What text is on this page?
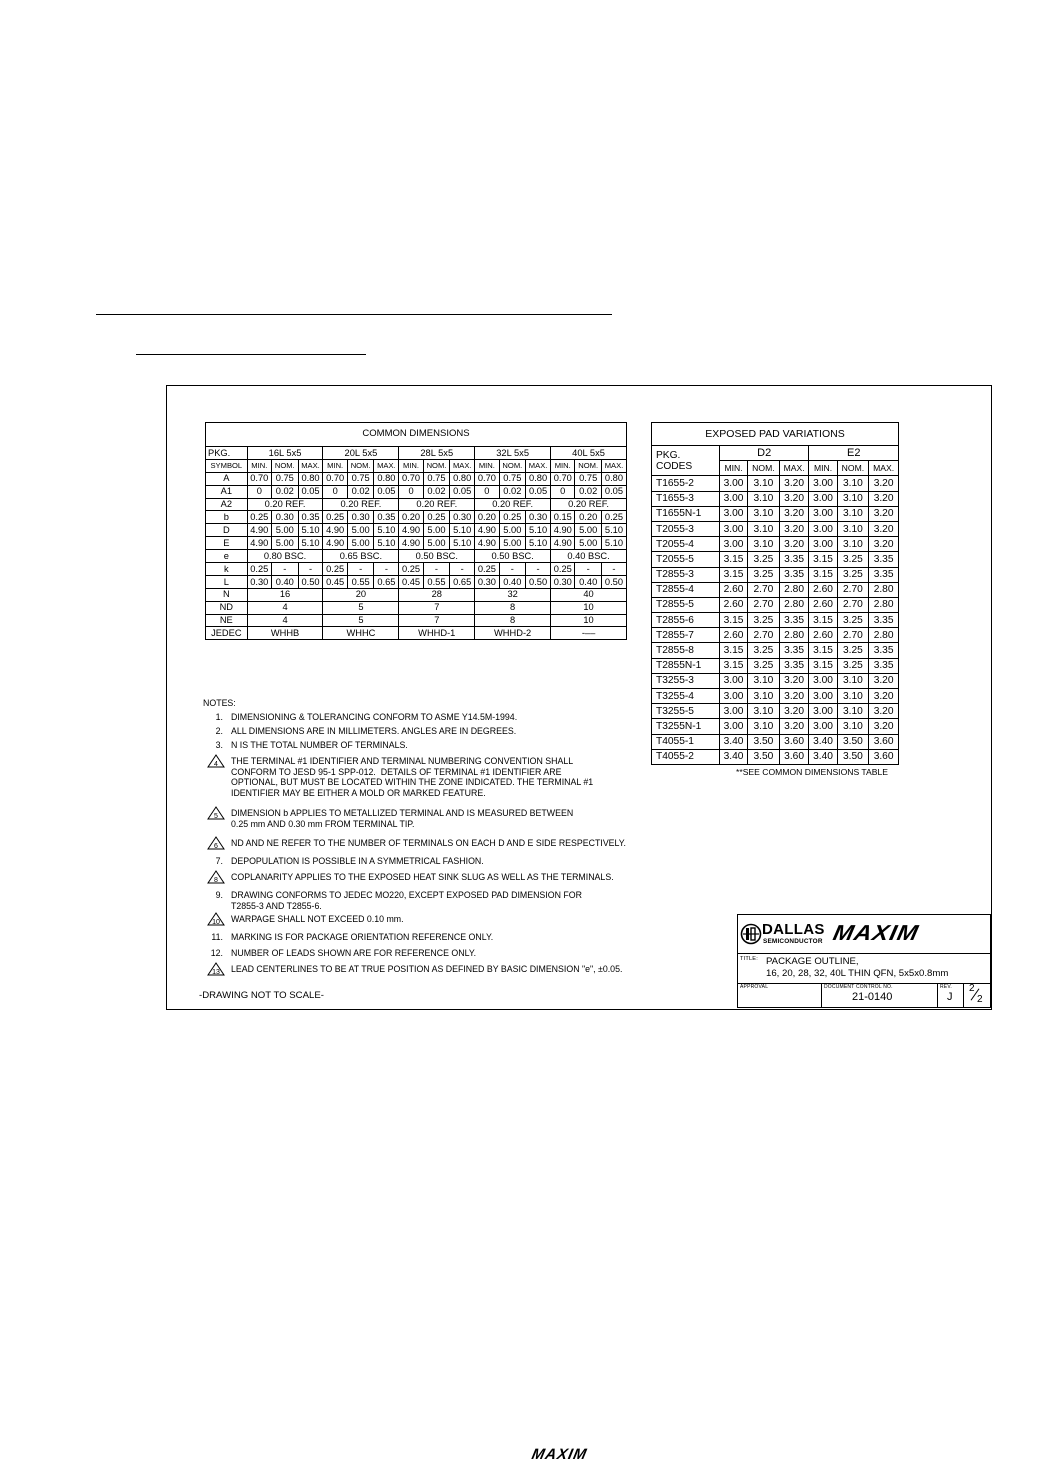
COMMON DIMENSIONS															
PKG.	16L 5x5			20L 5x5			28L 5x5			32L 5x5			40L 5x5		
SYMBOL	MIN.	NOM.	MAX.	MIN.	NOM.	MAX.	MIN.	NOM.	MAX.	MIN.	NOM.	MAX.	MIN.	NOM.	MAX.
A	0.70	0.75	0.80	0.70	0.75	0.80	0.70	0.75	0.80	0.70	0.75	0.80	0.70	0.75	0.80
A1	0	0.02	0.05	0	0.02	0.05	0	0.02	0.05	0	0.02	0.05	0	0.02	0.05
A2	0.20 REF.			0.20 REF.			0.20 REF.			0.20 REF.			0.20 REF.		
b	0.25	0.30	0.35	0.25	0.30	0.35	0.20	0.25	0.30	0.20	0.25	0.30	0.15	0.20	0.25
D	4.90	5.00	5.10	4.90	5.00	5.10	4.90	5.00	5.10	4.90	5.00	5.10	4.90	5.00	5.10
E	4.90	5.00	5.10	4.90	5.00	5.10	4.90	5.00	5.10	4.90	5.00	5.10	4.90	5.00	5.10
e	0.80 BSC.			0.65 BSC.			0.50 BSC.			0.50 BSC.			0.40 BSC.		
k	0.25	-	-	0.25	-	-	0.25	-	-	0.25	-	-	0.25	-	-
L	0.30	0.40	0.50	0.45	0.55	0.65	0.45	0.55	0.65	0.30	0.40	0.50	0.30	0.40	0.50
N	16			20			28			32			40		
ND	4			5			7			8			10		
NE	4			5			7			8			10		
JEDEC	WHHB			WHHC			WHHD-1			WHHD-2			-––		
EXPOSED PAD VARIATIONS						
PKG.
CODES	D2			E2		
	MIN.	NOM.	MAX.	MIN.	NOM.	MAX.
T1655-2	3.00	3.10	3.20	3.00	3.10	3.20
T1655-3	3.00	3.10	3.20	3.00	3.10	3.20
T1655N-1	3.00	3.10	3.20	3.00	3.10	3.20
T2055-3	3.00	3.10	3.20	3.00	3.10	3.20
T2055-4	3.00	3.10	3.20	3.00	3.10	3.20
T2055-5	3.15	3.25	3.35	3.15	3.25	3.35
T2855-3	3.15	3.25	3.35	3.15	3.25	3.35
T2855-4	2.60	2.70	2.80	2.60	2.70	2.80
T2855-5	2.60	2.70	2.80	2.60	2.70	2.80
T2855-6	3.15	3.25	3.35	3.15	3.25	3.35
T2855-7	2.60	2.70	2.80	2.60	2.70	2.80
T2855-8	3.15	3.25	3.35	3.15	3.25	3.35
T2855N-1	3.15	3.25	3.35	3.15	3.25	3.35
T3255-3	3.00	3.10	3.20	3.00	3.10	3.20
T3255-4	3.00	3.10	3.20	3.00	3.10	3.20
T3255-5	3.00	3.10	3.20	3.00	3.10	3.20
T3255N-1	3.00	3.10	3.20	3.00	3.10	3.20
T4055-1	3.40	3.50	3.60	3.40	3.50	3.60
T4055-2	3.40	3.50	3.60	3.40	3.50	3.60
**SEE COMMON DIMENSIONS TABLE
NOTES:
1. DIMENSIONING & TOLERANCING CONFORM TO ASME Y14.5M-1994.
2. ALL DIMENSIONS ARE IN MILLIMETERS. ANGLES ARE IN DEGREES.
3. N IS THE TOTAL NUMBER OF TERMINALS.
4 THE TERMINAL #1 IDENTIFIER AND TERMINAL NUMBERING CONVENTION SHALL
CONFORM TO JESD 95-1 SPP-012.  DETAILS OF TERMINAL #1 IDENTIFIER ARE
OPTIONAL, BUT MUST BE LOCATED WITHIN THE ZONE INDICATED. THE TERMINAL #1
IDENTIFIER MAY BE EITHER A MOLD OR MARKED FEATURE.
5 DIMENSION b APPLIES TO METALLIZED TERMINAL AND IS MEASURED BETWEEN
0.25 mm AND 0.30 mm FROM TERMINAL TIP.
6 ND AND NE REFER TO THE NUMBER OF TERMINALS ON EACH D AND E SIDE RESPECTIVELY.
7. DEPOPULATION IS POSSIBLE IN A SYMMETRICAL FASHION.
8 COPLANARITY APPLIES TO THE EXPOSED HEAT SINK SLUG AS WELL AS THE TERMINALS.
9. DRAWING CONFORMS TO JEDEC MO220, EXCEPT EXPOSED PAD DIMENSION FOR
T2855-3 AND T2855-6.
10 WARPAGE SHALL NOT EXCEED 0.10 mm.
11. MARKING IS FOR PACKAGE ORIENTATION REFERENCE ONLY.
12. NUMBER OF LEADS SHOWN ARE FOR REFERENCE ONLY.
13 LEAD CENTERLINES TO BE AT TRUE POSITION AS DEFINED BY BASIC DIMENSION "e", ±0.05.
-DRAWING NOT TO SCALE-
DALLAS
SEMICONDUCTOR MAXIM
TITLE: PACKAGE OUTLINE,
16, 20, 28, 32, 40L THIN QFN, 5x5x0.8mm
APPROVAL	DOCUMENT CONTROL NO.
21-0140
REV.
J
2
2
MAXIM
